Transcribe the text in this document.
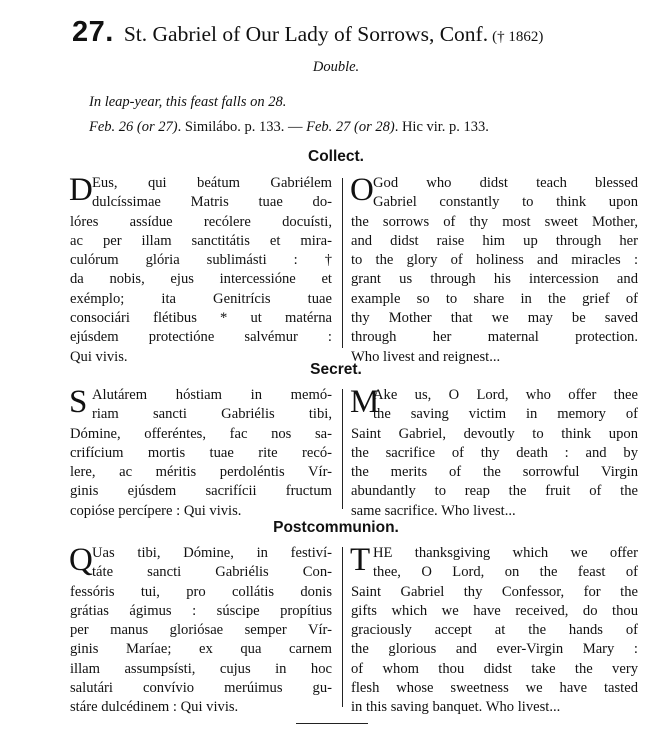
27. St. Gabriel of Our Lady of Sorrows, Conf. († 1862)
Double.
In leap-year, this feast falls on 28.
Feb. 26 (or 27). Similábo. p. 133. — Feb. 27 (or 28). Hic vir. p. 133.
Collect.
D Eus, qui beátum Gabriélem
dulcíssimae Matris tuae do-
lóres assídue recólere docuísti,
ac per illam sanctitátis et mira-
culórum glória sublimásti : †
da nobis, ejus intercessióne et
exémplo; ita Genitrícis tuae
consociári flétibus * ut matérna
ejúsdem protectióne salvémur :
Qui vivis.
O God who didst teach blessed
Gabriel constantly to think upon
the sorrows of thy most sweet Mother,
and didst raise him up through her
to the glory of holiness and miracles :
grant us through his intercession and
example so to share in the grief of
thy Mother that we may be saved
through her maternal protection.
Who livest and reignest...
Secret.
S Alutárem hóstiam in memó-
riam sancti Gabriélis tibi,
Dómine, offeréntes, fac nos sa-
crifícium mortis tuae rite recó-
lere, ac méritis perdoléntis Vír-
ginis ejúsdem sacrifícii fructum
copióse percípere : Qui vivis.
M
Ake us, O Lord, who offer thee
the saving victim in memory of
Saint Gabriel, devoutly to think upon
the sacrifice of thy death : and by
the merits of the sorrowful Virgin
abundantly to reap the fruit of the
same sacrifice. Who livest...
Postcommunion.
Q Uas tibi, Dómine, in festiví-
táte sancti Gabriélis Con-
fessóris tui, pro collátis donis
grátias ágimus : súscipe propítius
per manus gloriósae semper Vír-
ginis Maríae; ex qua carnem
illam assumpsísti, cujus in hoc
salutári convívio merúimus gu-
stáre dulcédinem : Qui vivis.
T HE thanksgiving which we offer
thee, O Lord, on the feast of
Saint Gabriel thy Confessor, for the
gifts which we have received, do thou
graciously accept at the hands of
the glorious and ever-Virgin Mary :
of whom thou didst take the very
flesh whose sweetness we have tasted
in this saving banquet. Who livest...
